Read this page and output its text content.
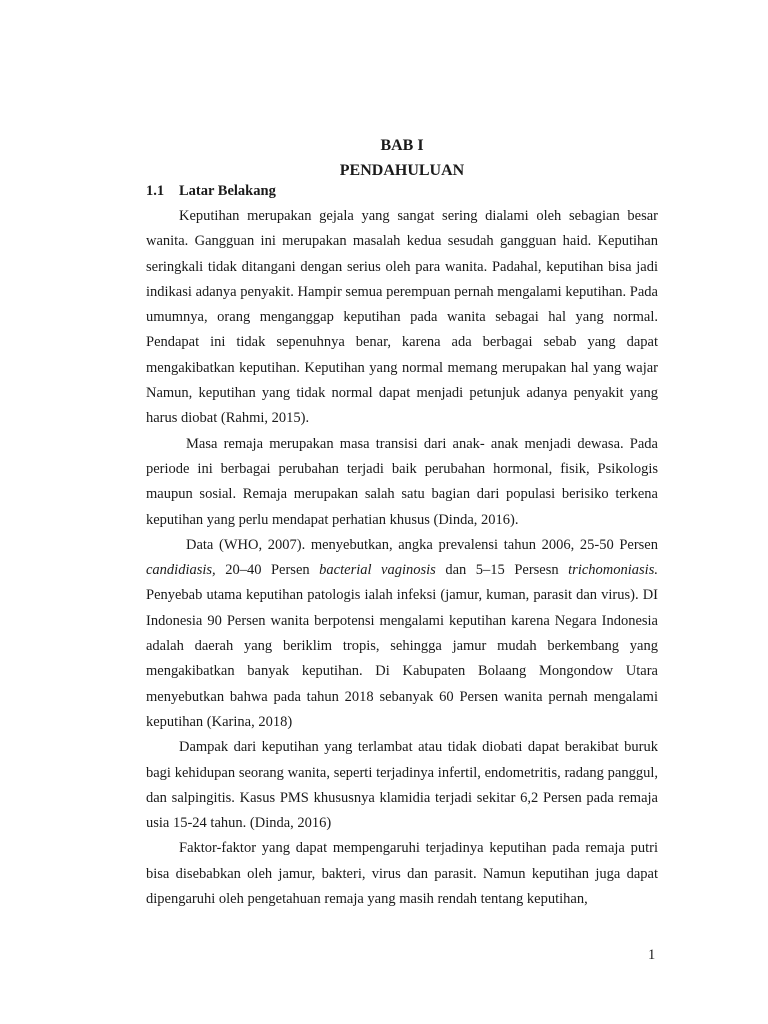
BAB I
PENDAHULUAN
1.1 Latar Belakang

Keputihan merupakan gejala yang sangat sering dialami oleh sebagian besar wanita. Gangguan ini merupakan masalah kedua sesudah gangguan haid. Keputihan seringkali tidak ditangani dengan serius oleh para wanita. Padahal, keputihan bisa jadi indikasi adanya penyakit. Hampir semua perempuan pernah mengalami keputihan. Pada umumnya, orang menganggap keputihan pada wanita sebagai hal yang normal. Pendapat ini tidak sepenuhnya benar, karena ada berbagai sebab yang dapat mengakibatkan keputihan. Keputihan yang normal memang merupakan hal yang wajar Namun, keputihan yang tidak normal dapat menjadi petunjuk adanya penyakit yang harus diobat (Rahmi, 2015).

Masa remaja merupakan masa transisi dari anak- anak menjadi dewasa. Pada periode ini berbagai perubahan terjadi baik perubahan hormonal, fisik, Psikologis maupun sosial. Remaja merupakan salah satu bagian dari populasi berisiko terkena keputihan yang perlu mendapat perhatian khusus (Dinda, 2016).

Data (WHO, 2007). menyebutkan, angka prevalensi tahun 2006, 25-50 Persen candidiasis, 20–40 Persen bacterial vaginosis dan 5–15 Persesn trichomoniasis. Penyebab utama keputihan patologis ialah infeksi (jamur, kuman, parasit dan virus). DI Indonesia 90 Persen wanita berpotensi mengalami keputihan karena Negara Indonesia adalah daerah yang beriklim tropis, sehingga jamur mudah berkembang yang mengakibatkan banyak keputihan. Di Kabupaten Bolaang Mongondow Utara menyebutkan bahwa pada tahun 2018 sebanyak 60 Persen wanita pernah mengalami keputihan (Karina, 2018)

Dampak dari keputihan yang terlambat atau tidak diobati dapat berakibat buruk bagi kehidupan seorang wanita, seperti terjadinya infertil, endometritis, radang panggul, dan salpingitis. Kasus PMS khususnya klamidia terjadi sekitar 6,2 Persen pada remaja usia 15-24 tahun. (Dinda, 2016)

Faktor-faktor yang dapat mempengaruhi terjadinya keputihan pada remaja putri bisa disebabkan oleh jamur, bakteri, virus dan parasit. Namun keputihan juga dapat dipengaruhi oleh pengetahuan remaja yang masih rendah tentang keputihan,

1
